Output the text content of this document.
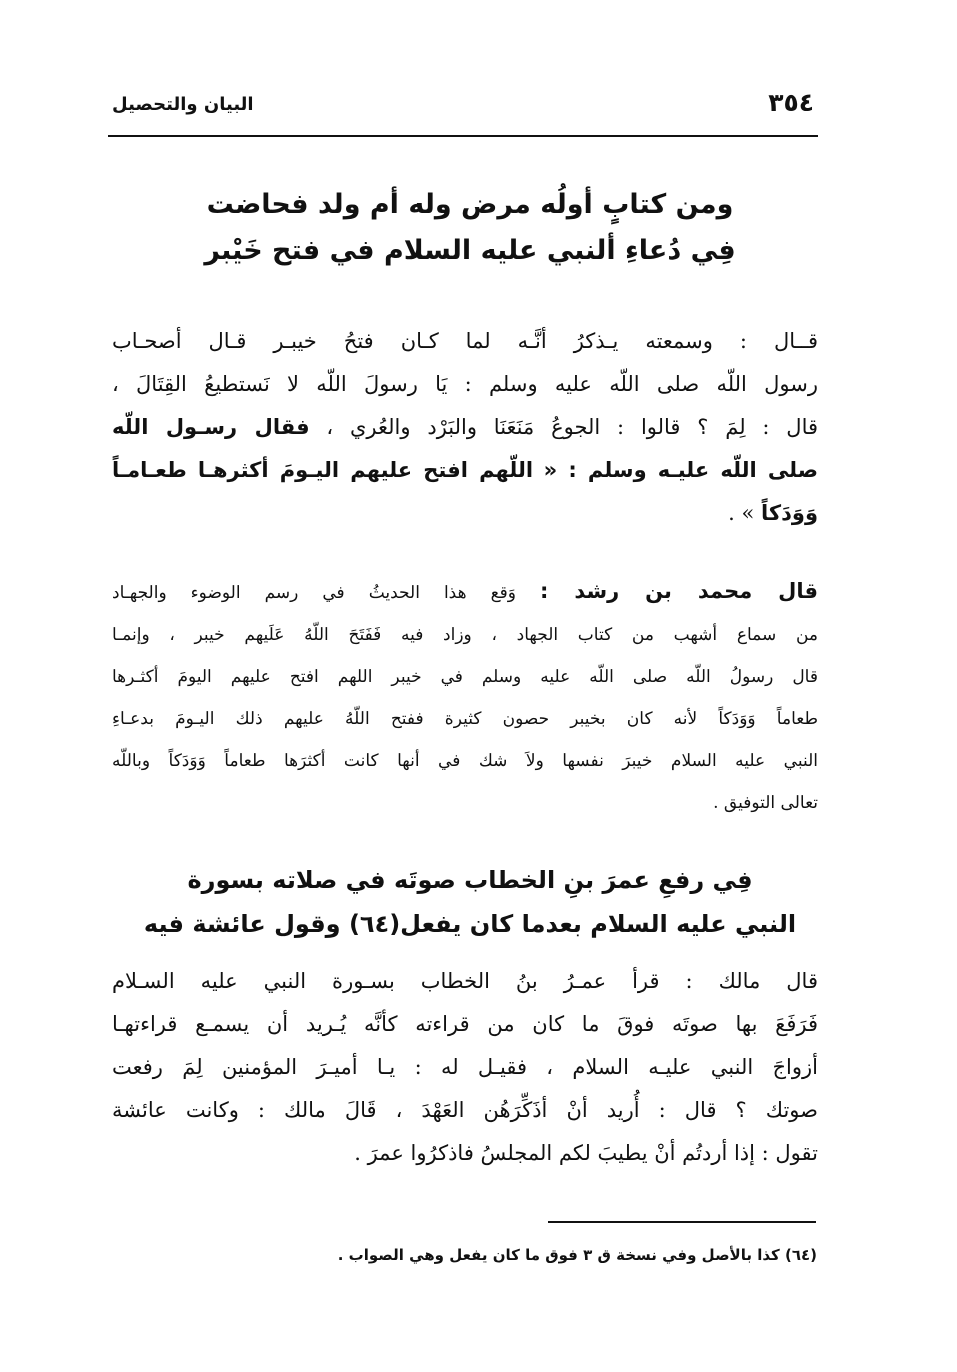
٣٥٤
البيان والتحصيل
ومن كتابٍ أولُه مرض وله أم ولد فحاضت
فِي دُعاءِ ألنبي عليه السلام في فتح خَيْبر
قــال : وسمعته يـذكرُ أنَّـه لما كـان فتحُ خيبـر قـال أصحـاب
رسول اللّه صلى اللّه عليه وسلم : يَا رسولَ اللّه لا نَستطيعُ القِتَالَ ،
قال : لِمَ ؟ قالوا : الجوعُ مَنَعَنَا والبَرْد والعُري ، فقال رسـول اللّه
صلى اللّه عليـه وسلم : « اللّهم افتح عليهم اليـومَ أكثرهـا طعـامـاً
وَوَدَكاً » .
قال محمد بن رشد : وَقع هذا الحديثُ في رسم الوضوء والجهـاد
من سماع أشهب من كتاب الجهاد ، وزاد فيه فَفَتَحَ اللّهُ عَلَيهم خيبر ، وإنمـا
قال رسولُ اللّه صلى اللّه عليه وسلم في خيبر اللهم افتح عليهم اليومَ أكثـرها
طعاماً وَوَدَكاً لأنه كان بخيبر حصون كثيرة ففتح اللّهُ عليهم ذلك اليـومَ بدعـاءِ
النبي عليه السلام خيبرَ نفسها ولاَ شك في أنها كانت أكثرَها طعاماً وَوَدَكاً وباللّه
تعالى التوفيق .
فِي رفعِ عمرَ بنِ الخطاب صوتَه في صلاته بسورة
النبي عليه السلام بعدما كان يفعل(٦٤) وقول عائشة فيه
قال مالك : قرأ عمـرُ بنُ الخطاب بسـورة النبي عليه السـلام
فَرَفَعَ بها صوتَه فوقَ ما كان من قراءته كأنَّه يُـريد أن يسمـع قراءتهـا
أزواجَ النبي عليـه السلام ، فقيـل له : يـا أميـرَ المؤمنين لِمَ رفعت
صوتك ؟ قال : أُريد أنْ أذَكِّرَهُن العَهْدَ ، قَالَ مالك : وكانت عائشة
تقول : إذا أردتُم أنْ يطيبَ لكم المجلسُ فاذكرُوا عمرَ .
(٦٤) كذا بالأصل وفي نسخة ق ٣ فوق ما كان يفعل وهي الصواب .
